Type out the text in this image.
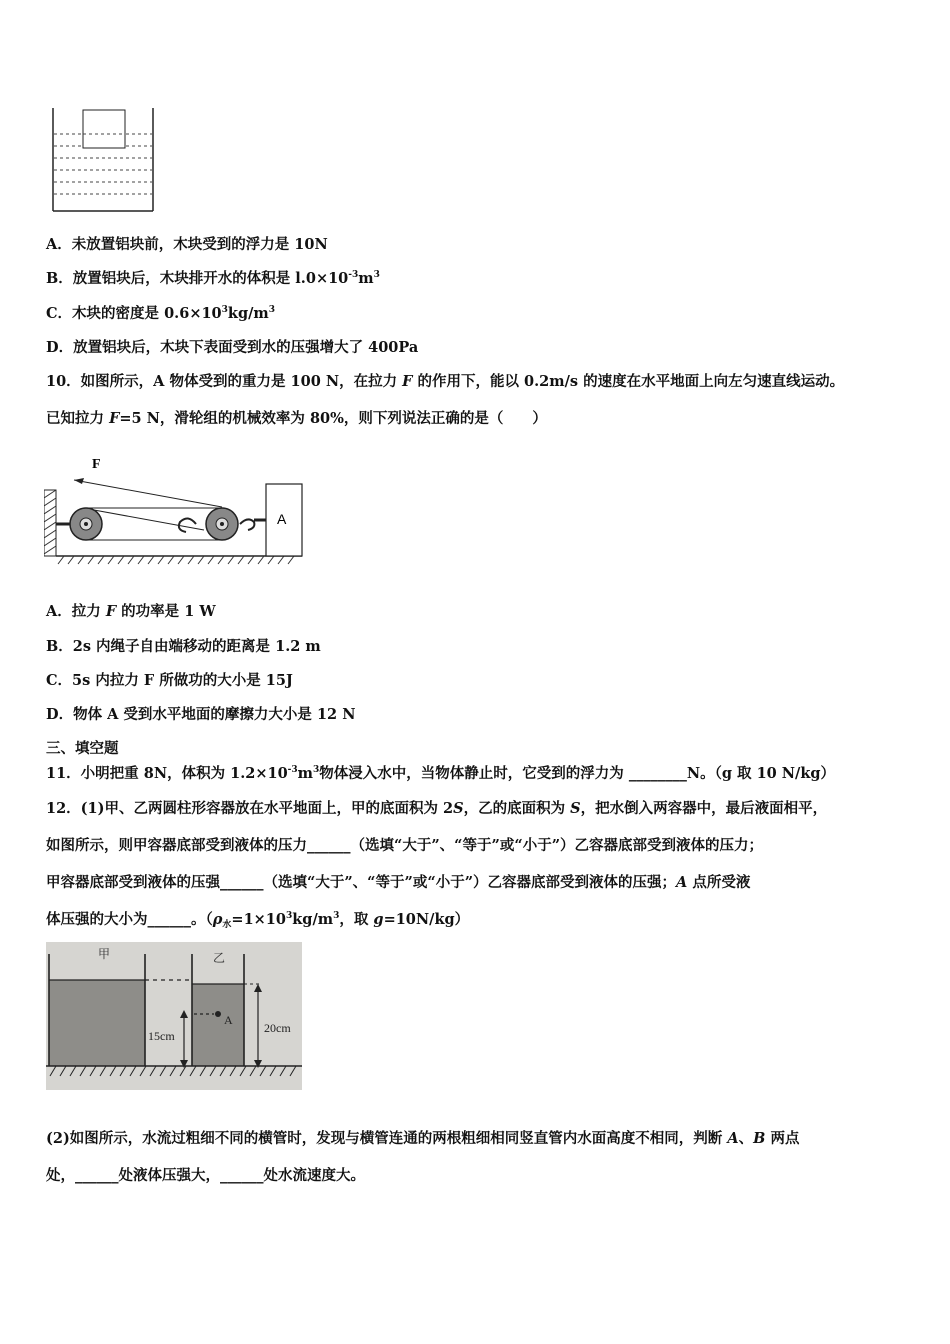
A．未放置铝块前，木块受到的浮力是 10N
B．放置铝块后，木块排开水的体积是 $l.0\times 10^{-3}m^3$
C．木块的密度是 $0.6\times 10^3kg/m^3$
D．放置铝块后，木块下表面受到水的压强增大了 400Pa
10．如图所示，A 物体受到的重力是 100 N，在拉力 F 的作用下，能以 0.2m/s 的速度在水平地面上向左匀速直线运动。
已知拉力 F=5 N，滑轮组的机械效率为 80%，则下列说法正确的是（　　）
F
A
A．拉力 F 的功率是 1 W
B．2s 内绳子自由端移动的距离是 1.2 m
C．5s 内拉力 F 所做功的大小是 15J
D．物体 A 受到水平地面的摩擦力大小是 12 N
三、填空题
11．小明把重 8N，体积为 $1.2\times 10^{-3}m^3$物体浸入水中，当物体静止时，它受到的浮力为 ________N。（g 取 10 N/kg）
12．(1)甲、乙两圆柱形容器放在水平地面上，甲的底面积为 2S，乙的底面积为 S，把水倒入两容器中，最后液面相平，
如图所示，则甲容器底部受到液体的压力______（选填“大于”、“等于”或“小于”）乙容器底部受到液体的压力；
甲容器底部受到液体的压强______（选填“大于”、“等于”或“小于”）乙容器底部受到液体的压强；A 点所受液
体压强的大小为______。（$\rho_水=1\times 10^3kg/m^3$，取 g=10N/kg）
甲	乙
A
15cm
20cm
(2)如图所示，水流过粗细不同的横管时，发现与横管连通的两根粗细相同竖直管内水面高度不相同，判断 A、B 两点
处，______处液体压强大，______处水流速度大。
